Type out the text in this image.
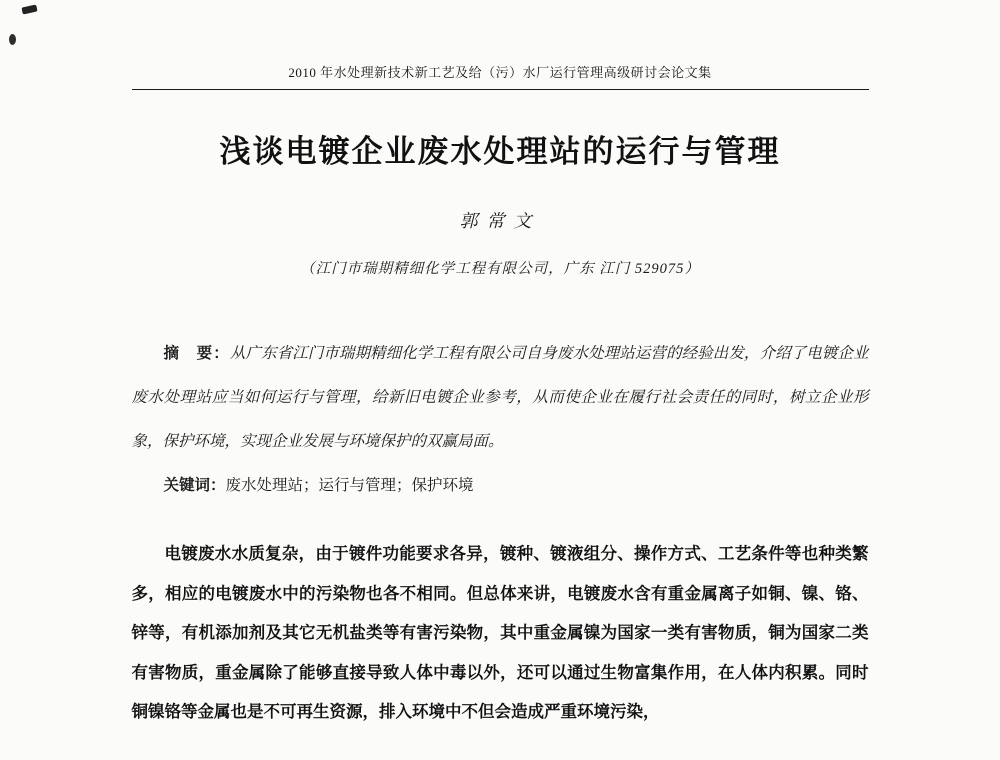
2010 年水处理新技术新工艺及给（污）水厂运行管理高级研讨会论文集
浅谈电镀企业废水处理站的运行与管理
郭常文
（江门市瑞期精细化学工程有限公司，广东 江门 529075）

摘　要：从广东省江门市瑞期精细化学工程有限公司自身废水处理站运营的经验出发，介绍了电镀企业废水处理站应当如何运行与管理，给新旧电镀企业参考，从而使企业在履行社会责任的同时，树立企业形象，保护环境，实现企业发展与环境保护的双赢局面。

关键词：废水处理站；运行与管理；保护环境

电镀废水水质复杂，由于镀件功能要求各异，镀种、镀液组分、操作方式、工艺条件等也种类繁多，相应的电镀废水中的污染物也各不相同。但总体来讲，电镀废水含有重金属离子如铜、镍、铬、锌等，有机添加剂及其它无机盐类等有害污染物，其中重金属镍为国家一类有害物质，铜为国家二类有害物质，重金属除了能够直接导致人体中毒以外，还可以通过生物富集作用，在人体内积累。同时铜镍铬等金属也是不可再生资源，排入环境中不但会造成严重环境污染，
